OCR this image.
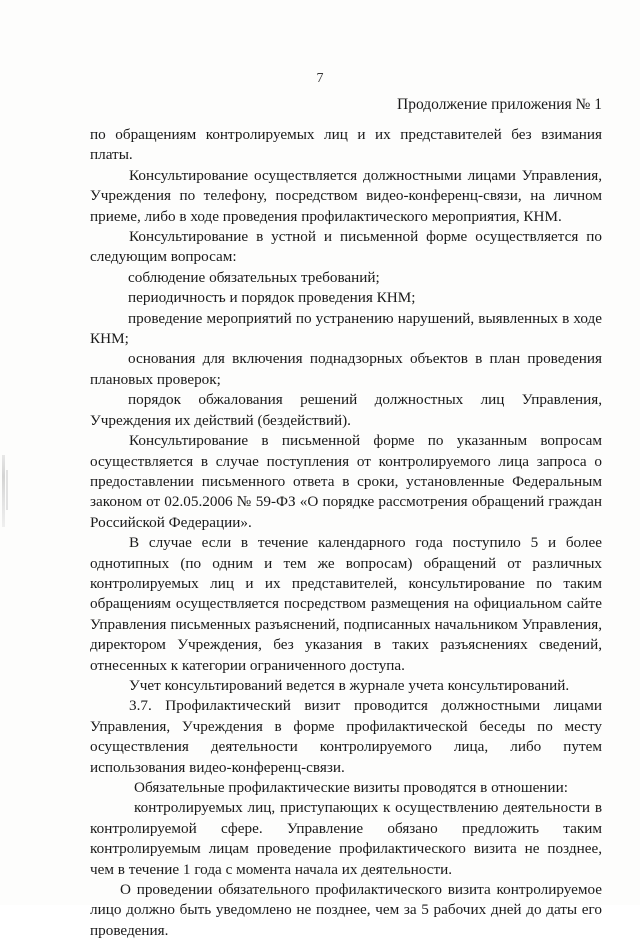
7
Продолжение приложения № 1

по обращениям контролируемых лиц и их представителей без взимания платы.

Консультирование осуществляется должностными лицами Управления, Учреждения по телефону, посредством видео-конференц-связи, на личном приеме, либо в ходе проведения профилактического мероприятия, КНМ.

Консультирование в устной и письменной форме осуществляется по следующим вопросам:

соблюдение обязательных требований;

периодичность и порядок проведения КНМ;

проведение мероприятий по устранению нарушений, выявленных в ходе КНМ;

основания для включения поднадзорных объектов в план проведения плановых проверок;

порядок обжалования решений должностных лиц Управления, Учреждения их действий (бездействий).

Консультирование в письменной форме по указанным вопросам осуществляется в случае поступления от контролируемого лица запроса о предоставлении письменного ответа в сроки, установленные Федеральным законом от 02.05.2006 № 59-ФЗ «О порядке рассмотрения обращений граждан Российской Федерации».

В случае если в течение календарного года поступило 5 и более однотипных (по одним и тем же вопросам) обращений от различных контролируемых лиц и их представителей, консультирование по таким обращениям осуществляется посредством размещения на официальном сайте Управления письменных разъяснений, подписанных начальником Управления, директором Учреждения, без указания в таких разъяснениях сведений, отнесенных к категории ограниченного доступа.

Учет консультирований ведется в журнале учета консультирований.

3.7. Профилактический визит проводится должностными лицами Управления, Учреждения в форме профилактической беседы по месту осуществления деятельности контролируемого лица, либо путем использования видео-конференц-связи.

Обязательные профилактические визиты проводятся в отношении:

контролируемых лиц, приступающих к осуществлению деятельности в контролируемой сфере. Управление обязано предложить таким контролируемым лицам проведение профилактического визита не позднее, чем в течение 1 года с момента начала их деятельности.

О проведении обязательного профилактического визита контролируемое лицо должно быть уведомлено не позднее, чем за 5 рабочих дней до даты его проведения.
